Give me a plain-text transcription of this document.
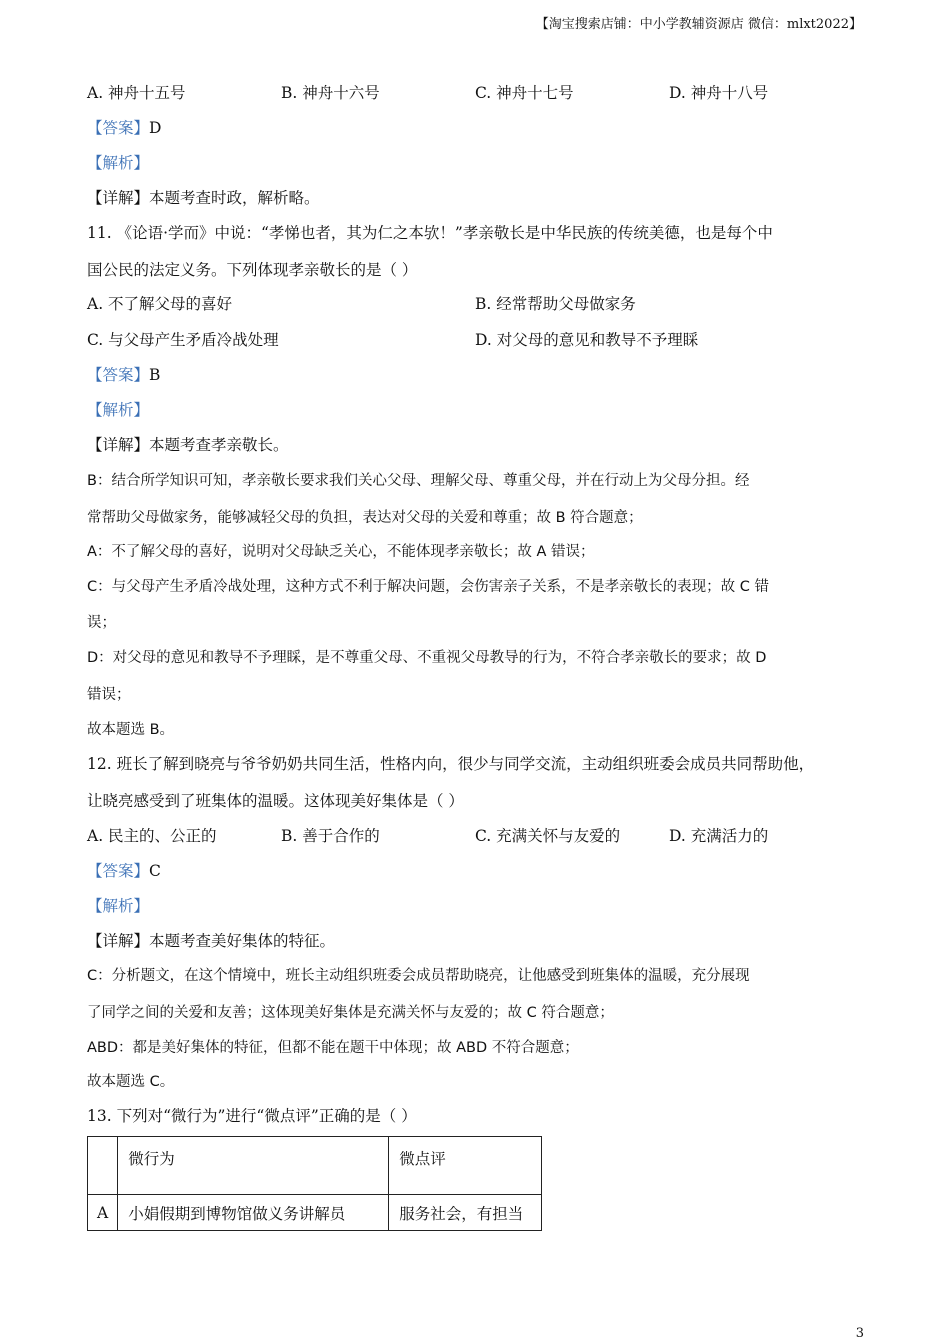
【淘宝搜索店铺：中小学教辅资源店 微信：mlxt2022】
A. 神舟十五号	B. 神舟十六号	C. 神舟十七号	D. 神舟十八号
【答案】D
【解析】
【详解】本题考查时政，解析略。
11. 《论语·学而》中说：“孝悌也者，其为仁之本欤！”孝亲敬长是中华民族的传统美德，也是每个中
国公民的法定义务。下列体现孝亲敬长的是（ ）
A. 不了解父母的喜好	B. 经常帮助父母做家务
C. 与父母产生矛盾冷战处理	D. 对父母的意见和教导不予理睬
【答案】B
【解析】
【详解】本题考查孝亲敬长。
B：结合所学知识可知，孝亲敬长要求我们关心父母、理解父母、尊重父母，并在行动上为父母分担。经
常帮助父母做家务，能够减轻父母的负担，表达对父母的关爱和尊重；故 B 符合题意；
A：不了解父母的喜好，说明对父母缺乏关心，不能体现孝亲敬长；故 A 错误；
C：与父母产生矛盾冷战处理，这种方式不利于解决问题，会伤害亲子关系，不是孝亲敬长的表现；故 C 错
误；
D：对父母的意见和教导不予理睬，是不尊重父母、不重视父母教导的行为，不符合孝亲敬长的要求；故 D
错误；
故本题选 B。
12. 班长了解到晓亮与爷爷奶奶共同生活，性格内向，很少与同学交流，主动组织班委会成员共同帮助他，
让晓亮感受到了班集体的温暖。这体现美好集体是（ ）
A. 民主的、公正的	B. 善于合作的	C. 充满关怀与友爱的	D. 充满活力的
【答案】C
【解析】
【详解】本题考查美好集体的特征。
C：分析题文，在这个情境中，班长主动组织班委会成员帮助晓亮，让他感受到班集体的温暖，充分展现
了同学之间的关爱和友善；这体现美好集体是充满关怀与友爱的；故 C 符合题意；
ABD：都是美好集体的特征，但都不能在题干中体现；故 ABD 不符合题意；
故本题选 C。
13. 下列对“微行为”进行“微点评”正确的是（ ）
	微行为	微点评
A	小娟假期到博物馆做义务讲解员	服务社会，有担当
3
